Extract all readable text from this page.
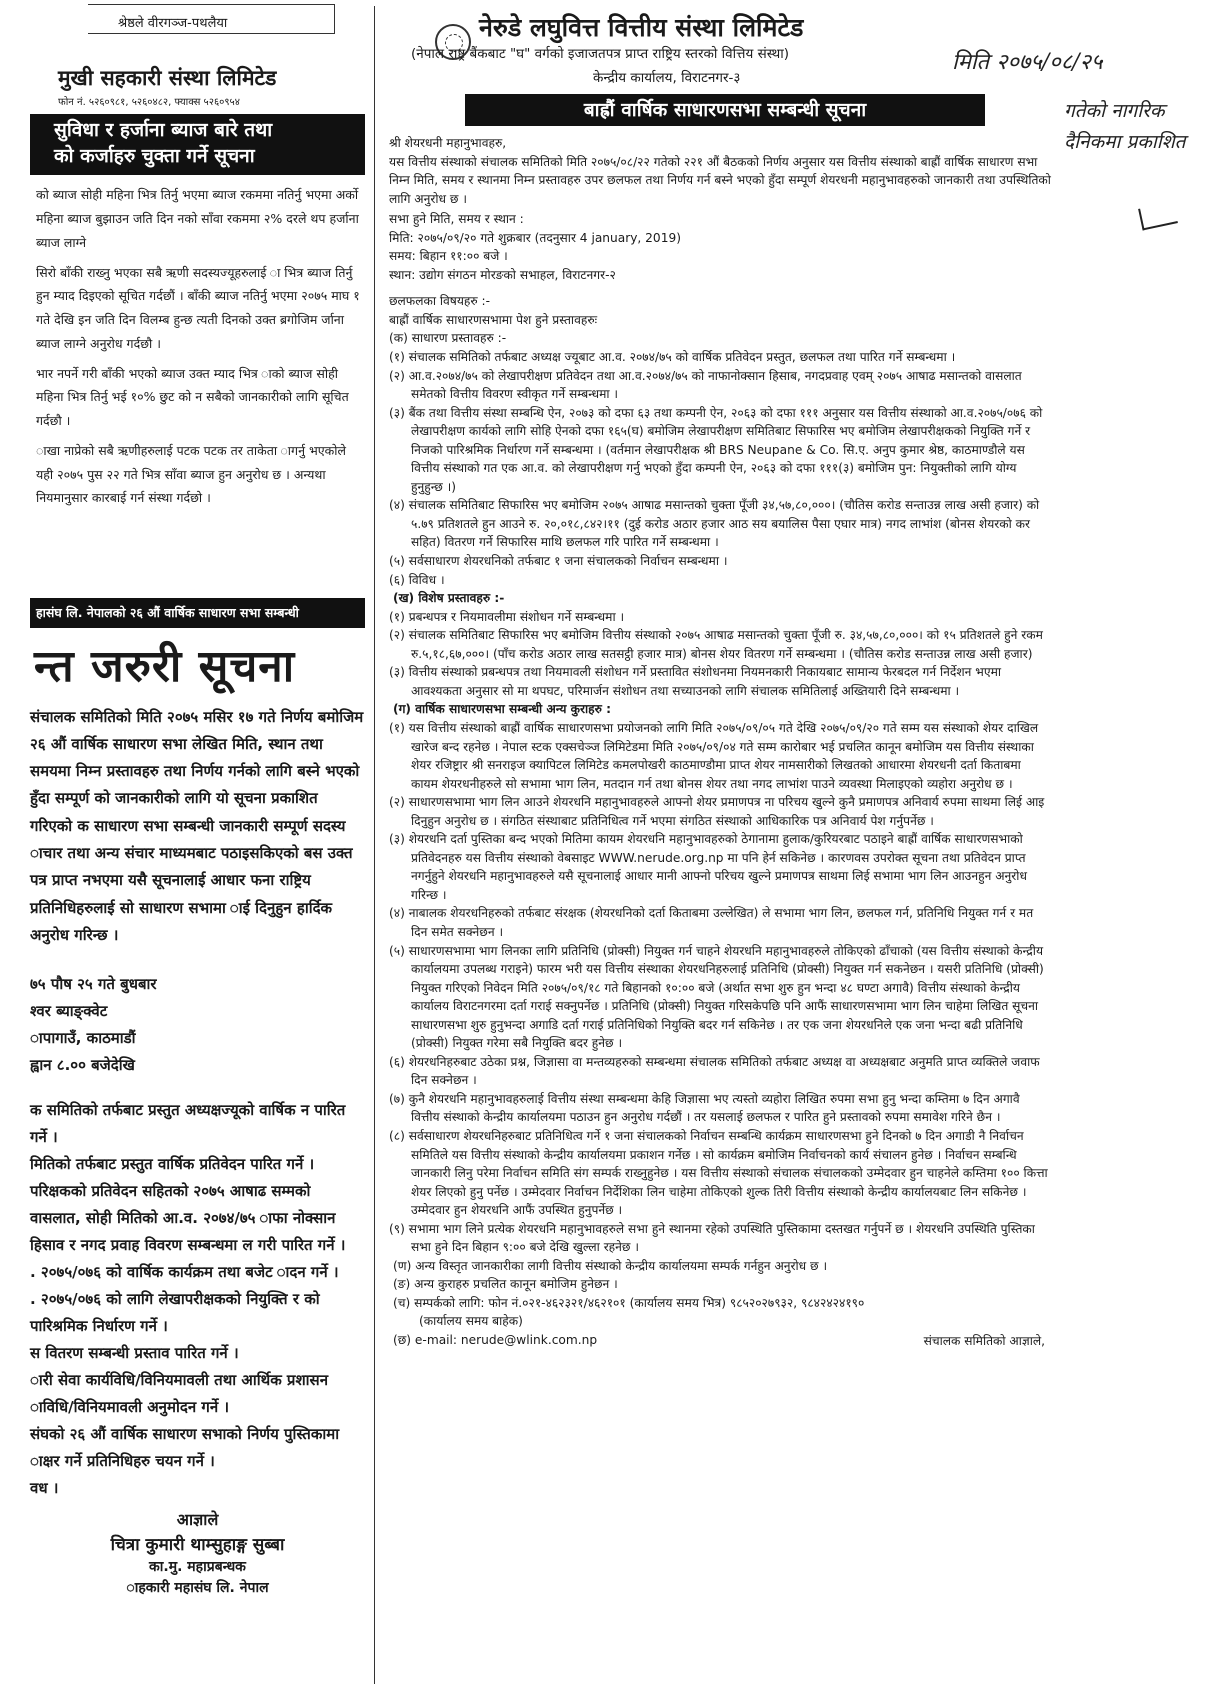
श्रेष्ठले वीरगञ्ज-पथलैया
मुखी सहकारी संस्था लिमिटेड
फोन नं. ५२६०९८१, ५२६०४८२, फ्याक्स ५२६०९५४
सुविधा र हर्जाना ब्याज बारे तथा
को कर्जाहरु चुक्ता गर्ने सूचना

को ब्याज सोही महिना भित्र तिर्नु भएमा ब्याज रकममा नतिर्नु भएमा अर्को महिना ब्याज बुझाउन जति दिन नको साँवा रकममा २% दरले थप हर्जाना ब्याज लाग्ने

सिरो बाँकी राख्नु भएका सबै ऋणी सदस्यज्यूहरुलाई ा भित्र ब्याज तिर्नु हुन म्याद दिइएको सूचित गर्दछौं । बाँकी ब्याज नतिर्नु भएमा २०७५ माघ १ गते देखि इन जति दिन विलम्ब हुन्छ त्यती दिनको उक्त ब्रगोजिम र्जाना ब्याज लाग्ने अनुरोध गर्दछौ ।

भार नपर्ने गरी बाँकी भएको ब्याज उक्त म्याद भित्र ाको ब्याज सोही महिना भित्र तिर्नु भई १०% छुट को न सबैको जानकारीको लागि सूचित गर्दछौ ।

ाखा नाप्रेको सबै ऋणीहरुलाई पटक पटक तर ताकेता ागर्नु भएकोले यही २०७५ पुस २२ गते भित्र साँवा ब्याज हुन अनुरोध छ । अन्यथा नियमानुसार कारबाई गर्न संस्था गर्दछो ।

हासंघ लि. नेपालको २६ औं वार्षिक साधारण सभा सम्बन्धी
न्त जरुरी सूचना

संचालक समितिको मिति २०७५ मसिर १७ गते निर्णय बमोजिम २६ औं वार्षिक साधारण सभा लेखित मिति, स्थान तथा समयमा निम्न प्रस्तावहरु तथा निर्णय गर्नको लागि बस्ने भएको हुँदा सम्पूर्ण को जानकारीको लागि यो सूचना प्रकाशित गरिएको क साधारण सभा सम्बन्धी जानकारी सम्पूर्ण सदस्य ाचार तथा अन्य संचार माध्यमबाट पठाइसकिएको बस उक्त पत्र प्राप्त नभएमा यसै सूचनालाई आधार फना राष्ट्रिय प्रतिनिधिहरुलाई सो साधारण सभामा ाई दिनुहुन हार्दिक अनुरोध गरिन्छ ।

७५ पौष २५ गते बुधबार
श्वर ब्याङ्क्वेट
ापागाउँ, काठमाडौं
ह्वान ८.०० बजेदेखि

क समितिको तर्फबाट प्रस्तुत अध्यक्षज्यूको वार्षिक न पारित गर्ने ।

मितिको तर्फबाट प्रस्तुत वार्षिक प्रतिवेदन पारित गर्ने ।

परिक्षकको प्रतिवेदन सहितको २०७५ आषाढ सम्मको वासलात, सोही मितिको आ.व. २०७४/७५ ाफा नोक्सान हिसाव र नगद प्रवाह विवरण सम्बन्धमा ल गरी पारित गर्ने ।

. २०७५/०७६ को वार्षिक कार्यक्रम तथा बजेट ादन गर्ने ।

. २०७५/०७६ को लागि लेखापरीक्षकको नियुक्ति र को पारिश्रमिक निर्धारण गर्ने ।

स वितरण सम्बन्धी प्रस्ताव पारित गर्ने ।

ारी सेवा कार्यविधि/विनियमावली तथा आर्थिक प्रशासन ाविधि/विनियमावली अनुमोदन गर्ने ।

संघको २६ औं वार्षिक साधारण सभाको निर्णय पुस्तिकामा ाक्षर गर्ने प्रतिनिधिहरु चयन गर्ने ।

वध ।

आज्ञाले
चित्रा कुमारी थाम्सुहाङ्ग सुब्बा
का.मु. महाप्रबन्धक
ाहकारी महासंघ लि. नेपाल
नेरुडे लघुवित्त वित्तीय संस्था लिमिटेड
(नेपाल राष्ट्र बैंकबाट "घ" वर्गको इजाजतपत्र प्राप्त राष्ट्रिय स्तरको वित्तिय संस्था)
केन्द्रीय कार्यालय, विराटनगर-३
बाह्रौं वार्षिक साधारणसभा सम्बन्धी सूचना

श्री शेयरधनी महानुभावहरु,

यस वित्तीय संस्थाको संचालक समितिको मिति २०७५/०८/२२ गतेको २२१ औं बैठकको निर्णय अनुसार यस वित्तीय संस्थाको बाह्रौं वार्षिक साधारण सभा निम्न मिति, समय र स्थानमा निम्न प्रस्तावहरु उपर छलफल तथा निर्णय गर्न बस्ने भएको हुँदा सम्पूर्ण शेयरधनी महानुभावहरुको जानकारी तथा उपस्थितिको लागि अनुरोध छ ।

सभा हुने मिति, समय र स्थान :

मिति: २०७५/०९/२० गते शुक्रबार (तदनुसार 4 january, 2019)

समय: बिहान ११:०० बजे ।

स्थान: उद्योग संगठन मोरङको सभाहल, विराटनगर-२

छलफलका विषयहरु :-

बाह्रौं वार्षिक साधारणसभामा पेश हुने प्रस्तावहरुः

(क) साधारण प्रस्तावहरु :-

(१) संचालक समितिको तर्फबाट अध्यक्ष ज्यूबाट आ.व. २०७४/७५ को वार्षिक प्रतिवेदन प्रस्तुत, छलफल तथा पारित गर्ने सम्बन्धमा ।

(२) आ.व.२०७४/७५ को लेखापरीक्षण प्रतिवेदन तथा आ.व.२०७४/७५ को नाफानोक्सान हिसाब, नगदप्रवाह एवम् २०७५ आषाढ मसान्तको वासलात समेतको वित्तीय विवरण स्वीकृत गर्ने सम्बन्धमा ।

(३) बैंक तथा वित्तीय संस्था सम्बन्धि ऐन, २०७३ को दफा ६३ तथा कम्पनी ऐन, २०६३ को दफा १११ अनुसार यस वित्तीय संस्थाको आ.व.२०७५/०७६ को लेखापरीक्षण कार्यको लागि सोहि ऐनको दफा १६५(घ) बमोजिम लेखापरीक्षण समितिबाट सिफारिस भए बमोजिम लेखापरीक्षकको नियुक्ति गर्ने र निजको पारिश्रमिक निर्धारण गर्ने सम्बन्धमा । (वर्तमान लेखापरीक्षक श्री BRS Neupane & Co. सि.ए. अनुप कुमार श्रेष्ठ, काठमाण्डौले यस वित्तीय संस्थाको गत एक आ.व. को लेखापरीक्षण गर्नु भएको हुँदा कम्पनी ऐन, २०६३ को दफा १११(३) बमोजिम पुन: नियुक्तीको लागि योग्य हुनुहुन्छ ।)

(४) संचालक समितिबाट सिफारिस भए बमोजिम २०७५ आषाढ मसान्तको चुक्ता पूँजी ३४,५७,८०,०००। (चौतिस करोड सन्ताउन्न लाख असी हजार) को ५.७९ प्रतिशतले हुन आउने रु. २०,०१८,८४२।११ (दुई करोड अठार हजार आठ सय बयालिस पैसा एघार मात्र) नगद लाभांश (बोनस शेयरको कर सहित) वितरण गर्ने सिफारिस माथि छलफल गरि पारित गर्ने सम्बन्धमा ।

(५) सर्वसाधारण शेयरधनिको तर्फबाट १ जना संचालकको निर्वाचन सम्बन्धमा ।

(६) विविध ।

(ख) विशेष प्रस्तावहरु :-

(१) प्रबन्धपत्र र नियमावलीमा संशोधन गर्ने सम्बन्धमा ।

(२) संचालक समितिबाट सिफारिस भए बमोजिम वित्तीय संस्थाको २०७५ आषाढ मसान्तको चुक्ता पूँजी रु. ३४,५७,८०,०००। को १५ प्रतिशतले हुने रकम रु.५,१८,६७,०००। (पाँच करोड अठार लाख सतसट्ठी हजार मात्र) बोनस शेयर वितरण गर्ने सम्बन्धमा । (चौतिस करोड सन्ताउन्न लाख असी हजार)

(३) वित्तीय संस्थाको प्रबन्धपत्र तथा नियमावली संशोधन गर्ने प्रस्तावित संशोधनमा नियमनकारी निकायबाट सामान्य फेरबदल गर्न निर्देशन भएमा आवश्यकता अनुसार सो मा थपघट, परिमार्जन संशोधन तथा सच्याउनको लागि संचालक समितिलाई अख्तियारी दिने सम्बन्धमा ।

(ग) वार्षिक साधारणसभा सम्बन्धी अन्य कुराहरु :

(१) यस वित्तीय संस्थाको बाह्रौं वार्षिक साधारणसभा प्रयोजनको लागि मिति २०७५/०९/०५ गते देखि २०७५/०९/२० गते सम्म यस संस्थाको शेयर दाखिल खारेज बन्द रहनेछ । नेपाल स्टक एक्सचेञ्ज लिमिटेडमा मिति २०७५/०९/०४ गते सम्म कारोबार भई प्रचलित कानून बमोजिम यस वित्तीय संस्थाका शेयर रजिष्ट्रार श्री सनराइज क्यापिटल लिमिटेड कमलपोखरी काठमाण्डौमा प्राप्त शेयर नामसारीको लिखतको आधारमा शेयरधनी दर्ता किताबमा कायम शेयरधनीहरुले सो सभामा भाग लिन, मतदान गर्न तथा बोनस शेयर तथा नगद लाभांश पाउने व्यवस्था मिलाइएको व्यहोरा अनुरोध छ ।

(२) साधारणसभामा भाग लिन आउने शेयरधनि महानुभावहरुले आफ्नो शेयर प्रमाणपत्र ना परिचय खुल्ने कुनै प्रमाणपत्र अनिवार्य रुपमा साथमा लिई आइ दिनुहुन अनुरोध छ । संगठित संस्थाबाट प्रतिनिधित्व गर्ने भएमा संगठित संस्थाको आधिकारिक पत्र अनिवार्य पेश गर्नुपर्नेछ ।

(३) शेयरधनि दर्ता पुस्तिका बन्द भएको मितिमा कायम शेयरधनि महानुभावहरुको ठेगानामा हुलाक/कुरियरबाट पठाइने बाह्रौं वार्षिक साधारणसभाको प्रतिवेदनहरु यस वित्तीय संस्थाको वेबसाइट WWW.nerude.org.np मा पनि हेर्न सकिनेछ । कारणवस उपरोक्त सूचना तथा प्रतिवेदन प्राप्त नगर्नुहुने शेयरधनि महानुभावहरुले यसै सूचनालाई आधार मानी आफ्नो परिचय खुल्ने प्रमाणपत्र साथमा लिई सभामा भाग लिन आउनहुन अनुरोध गरिन्छ ।

(४) नाबालक शेयरधनिहरुको तर्फबाट संरक्षक (शेयरधनिको दर्ता किताबमा उल्लेखित) ले सभामा भाग लिन, छलफल गर्न, प्रतिनिधि नियुक्त गर्न र मत दिन समेत सक्नेछन ।

(५) साधारणसभामा भाग लिनका लागि प्रतिनिधि (प्रोक्सी) नियुक्त गर्न चाहने शेयरधनि महानुभावहरुले तोकिएको ढाँचाको (यस वित्तीय संस्थाको केन्द्रीय कार्यालयमा उपलब्ध गराइने) फारम भरी यस वित्तीय संस्थाका शेयरधनिहरुलाई प्रतिनिधि (प्रोक्सी) नियुक्त गर्न सकनेछन । यसरी प्रतिनिधि (प्रोक्सी) नियुक्त गरिएको निवेदन मिति २०७५/०९/१८ गते बिहानको १०:०० बजे (अर्थात सभा शुरु हुन भन्दा ४८ घण्टा अगावै) वित्तीय संस्थाको केन्द्रीय कार्यालय विराटनगरमा दर्ता गराई सक्नुपर्नेछ । प्रतिनिधि (प्रोक्सी) नियुक्त गरिसकेपछि पनि आफैं साधारणसभामा भाग लिन चाहेमा लिखित सूचना साधारणसभा शुरु हुनुभन्दा अगाडि दर्ता गराई प्रतिनिधिको नियुक्ति बदर गर्न सकिनेछ । तर एक जना शेयरधनिले एक जना भन्दा बढी प्रतिनिधि (प्रोक्सी) नियुक्त गरेमा सबै नियुक्ति बदर हुनेछ ।

(६) शेयरधनिहरुबाट उठेका प्रश्न, जिज्ञासा वा मन्तव्यहरुको सम्बन्धमा संचालक समितिको तर्फबाट अध्यक्ष वा अध्यक्षबाट अनुमति प्राप्त व्यक्तिले जवाफ दिन सक्नेछन ।

(७) कुनै शेयरधनि महानुभावहरुलाई वित्तीय संस्था सम्बन्धमा केहि जिज्ञासा भए त्यस्तो व्यहोरा लिखित रुपमा सभा हुनु भन्दा कम्तिमा ७ दिन अगावै वित्तीय संस्थाको केन्द्रीय कार्यालयमा पठाउन हुन अनुरोध गर्दछौं । तर यसलाई छलफल र पारित हुने प्रस्तावको रुपमा समावेश गरिने छैन ।

(८) सर्वसाधारण शेयरधनिहरुबाट प्रतिनिधित्व गर्ने १ जना संचालकको निर्वाचन सम्बन्धि कार्यक्रम साधारणसभा हुने दिनको ७ दिन अगाडी नै निर्वाचन समितिले यस वित्तीय संस्थाको केन्द्रीय कार्यालयमा प्रकाशन गर्नेछ । सो कार्यक्रम बमोजिम निर्वाचनको कार्य संचालन हुनेछ । निर्वाचन सम्बन्धि जानकारी लिनु परेमा निर्वाचन समिति संग सम्पर्क राख्नुहुनेछ । यस वित्तीय संस्थाको संचालक संचालकको उम्मेदवार हुन चाहनेले कम्तिमा १०० कित्ता शेयर लिएको हुनु पर्नेछ । उम्मेदवार निर्वाचन निर्देशिका लिन चाहेमा तोकिएको शुल्क तिरी वित्तीय संस्थाको केन्द्रीय कार्यालयबाट लिन सकिनेछ । उम्मेदवार हुन शेयरधनि आफैं उपस्थित हुनुपर्नेछ ।

(९) सभामा भाग लिने प्रत्येक शेयरधनि महानुभावहरुले सभा हुने स्थानमा रहेको उपस्थिति पुस्तिकामा दस्तखत गर्नुपर्ने छ । शेयरधनि उपस्थिति पुस्तिका सभा हुने दिन बिहान ९:०० बजे देखि खुल्ला रहनेछ ।

(ण) अन्य विस्तृत जानकारीका लागी वित्तीय संस्थाको केन्द्रीय कार्यालयमा सम्पर्क गर्नहुन अनुरोध छ ।

(ङ) अन्य कुराहरु प्रचलित कानून बमोजिम हुनेछन ।

(च) सम्पर्कको लागि: फोन नं.०२१-४६२३२१/४६२१०१ (कार्यालय समय भित्र) ९८५२०२७९३२, ९८४२४२४१९०

(कार्यालय समय बाहेक)

(छ) e-mail: nerude@wlink.com.np	संचालक समितिको आज्ञाले,

मिति २०७५/०८/२५
गतेको नागरिक दैनिकमा प्रकाशित
